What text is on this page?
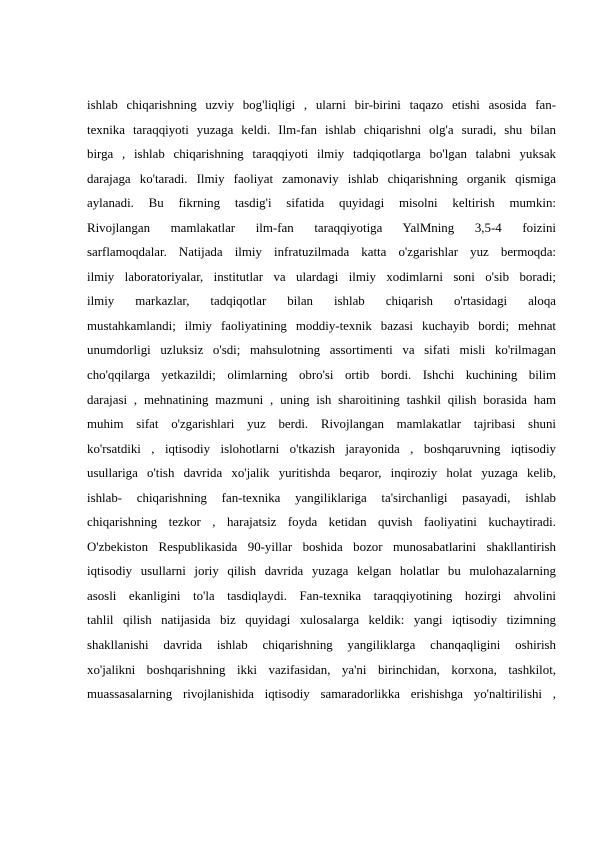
ishlab chiqarishning uzviy bog'liqligi , ularni bir-birini taqazo etishi asosida fan-
texnika taraqqiyoti yuzaga keldi. Ilm-fan ishlab chiqarishni olg'a suradi, shu bilan
birga , ishlab chiqarishning taraqqiyoti ilmiy tadqiqotlarga bo'lgan talabni yuksak
darajaga ko'taradi. Ilmiy faoliyat zamonaviy ishlab chiqarishning organik qismiga
aylanadi. Bu fikrning tasdig'i sifatida quyidagi misolni keltirish mumkin:
Rivojlangan mamlakatlar ilm-fan taraqqiyotiga YalMning 3,5-4 foizini
sarflamoqdalar. Natijada ilmiy infratuzilmada katta o'zgarishlar yuz bermoqda:
ilmiy laboratoriyalar, institutlar va ulardagi ilmiy xodimlarni soni o'sib boradi;
ilmiy markazlar, tadqiqotlar bilan ishlab chiqarish o'rtasidagi aloqa
mustahkamlandi; ilmiy faoliyatining moddiy-texnik bazasi kuchayib bordi; mehnat
unumdorligi uzluksiz o'sdi; mahsulotning assortimenti va sifati misli ko'rilmagan
cho'qqilarga yetkazildi; olimlarning obro'si ortib bordi. Ishchi kuchining bilim
darajasi , mehnatining mazmuni , uning ish sharoitining tashkil qilish borasida ham
muhim sifat o'zgarishlari yuz berdi. Rivojlangan mamlakatlar tajribasi shuni
ko'rsatdiki , iqtisodiy islohotlarni o'tkazish jarayonida , boshqaruvning iqtisodiy
usullariga o'tish davrida xo'jalik yuritishda beqaror, inqiroziy holat yuzaga kelib,
ishlab- chiqarishning fan-texnika yangiliklariga ta'sirchanligi pasayadi, ishlab
chiqarishning tezkor , harajatsiz foyda ketidan quvish faoliyatini kuchaytiradi.
O'zbekiston Respublikasida 90-yillar boshida bozor munosabatlarini shakllantirish
iqtisodiy usullarni joriy qilish davrida yuzaga kelgan holatlar bu mulohazalarning
asosli ekanligini to'la tasdiqlaydi. Fan-texnika taraqqiyotining hozirgi ahvolini
tahlil qilish natijasida biz quyidagi xulosalarga keldik: yangi iqtisodiy tizimning
shakllanishi davrida ishlab chiqarishning yangiliklarga chanqaqligini oshirish
xo'jalikni boshqarishning ikki vazifasidan, ya'ni birinchidan, korxona, tashkilot,
muassasalarning rivojlanishida iqtisodiy samaradorlikka erishishga yo'naltirilishi ,
